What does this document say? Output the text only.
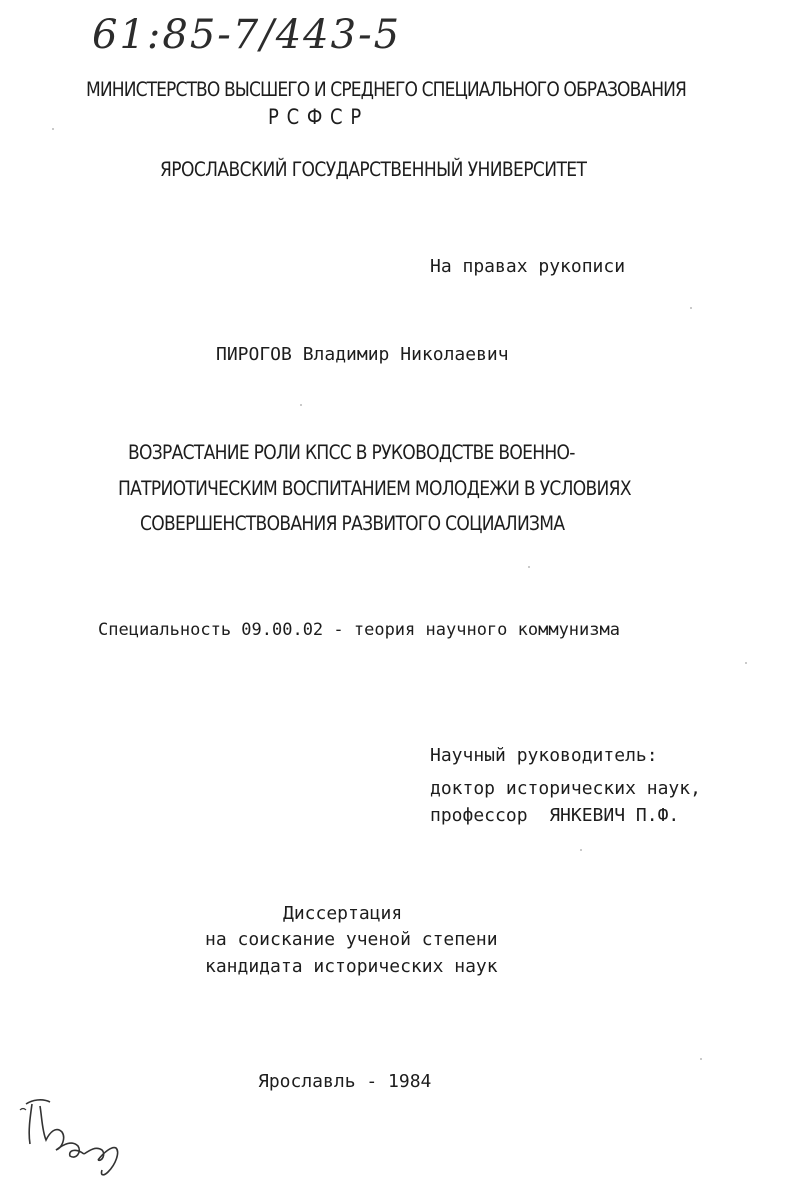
61:85-7/443-5
МИНИСТЕРСТВО ВЫСШЕГО И СРЕДНЕГО СПЕЦИАЛЬНОГО ОБРАЗОВАНИЯ
Р С Ф С Р
ЯРОСЛАВСКИЙ ГОСУДАРСТВЕННЫЙ УНИВЕРСИТЕТ
На правах рукописи
ПИРОГОВ Владимир Николаевич
ВОЗРАСТАНИЕ РОЛИ КПСС В РУКОВОДСТВЕ ВОЕННО-
ПАТРИОТИЧЕСКИМ ВОСПИТАНИЕМ МОЛОДЕЖИ В УСЛОВИЯХ
СОВЕРШЕНСТВОВАНИЯ РАЗВИТОГО СОЦИАЛИЗМА
Специальность 09.00.02 - теория научного коммунизма
Научный руководитель:
доктор исторических наук,
профессор  ЯНКЕВИЧ П.Ф.
Диссертация
на соискание ученой степени
кандидата исторических наук
Ярославль - 1984
